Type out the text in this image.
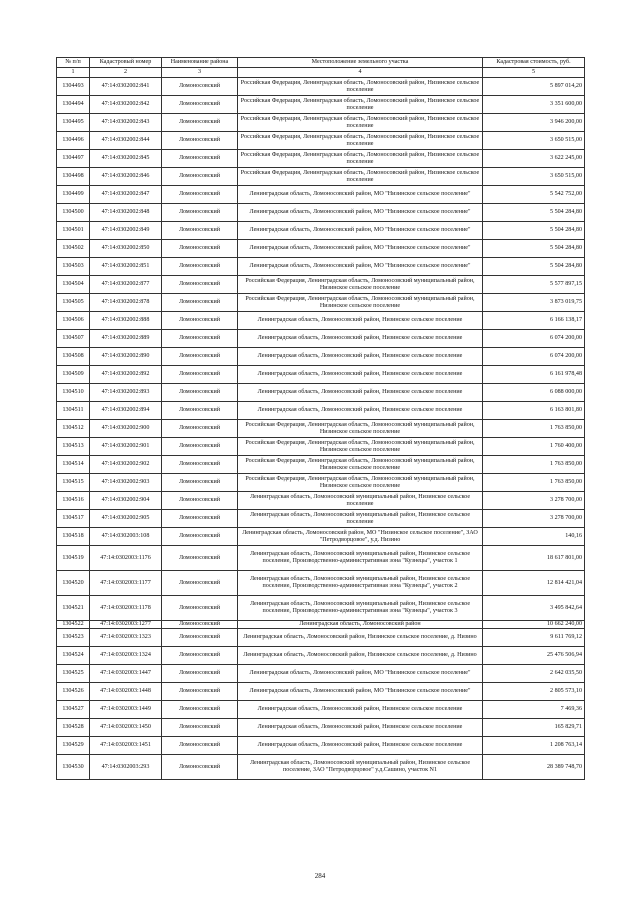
№ п/п	Кадастровый номер	Наименование района	Местоположение земельного участка	Кадастровая стоимость, руб.
1	2	3	4	5
1304493	47:14:0302002:841	Ломоносовский	Российская Федерация, Ленинградская область, Ломоносовский район, Низинское сельское поселение	5 897 014,20
1304494	47:14:0302002:842	Ломоносовский	Российская Федерация, Ленинградская область, Ломоносовский район, Низинское сельское поселение	3 351 600,00
1304495	47:14:0302002:843	Ломоносовский	Российская Федерация, Ленинградская область, Ломоносовский район, Низинское сельское поселение	3 946 200,00
1304496	47:14:0302002:844	Ломоносовский	Российская Федерация, Ленинградская область, Ломоносовский район, Низинское сельское поселение	3 650 515,00
1304497	47:14:0302002:845	Ломоносовский	Российская Федерация, Ленинградская область, Ломоносовский район, Низинское сельское поселение	3 622 245,00
1304498	47:14:0302002:846	Ломоносовский	Российская Федерация, Ленинградская область, Ломоносовский район, Низинское сельское поселение	3 650 515,00
1304499	47:14:0302002:847	Ломоносовский	Ленинградская область, Ломоносовский район, МО "Низинское сельское поселение"	5 542 752,00
1304500	47:14:0302002:848	Ломоносовский	Ленинградская область, Ломоносовский район, МО "Низинское сельское поселение"	5 504 284,80
1304501	47:14:0302002:849	Ломоносовский	Ленинградская область, Ломоносовский район, МО "Низинское сельское поселение"	5 504 284,80
1304502	47:14:0302002:850	Ломоносовский	Ленинградская область, Ломоносовский район, МО "Низинское сельское поселение"	5 504 284,80
1304503	47:14:0302002:851	Ломоносовский	Ленинградская область, Ломоносовский район, МО "Низинское сельское поселение"	5 504 284,80
1304504	47:14:0302002:877	Ломоносовский	Российская Федерация, Ленинградская область, Ломоносовский муниципальный район, Низинское сельское поселение	5 577 897,15
1304505	47:14:0302002:878	Ломоносовский	Российская Федерация, Ленинградская область, Ломоносовский муниципальный район, Низинское сельское поселение	3 873 019,75
1304506	47:14:0302002:888	Ломоносовский	Ленинградская область, Ломоносовский район, Низинское сельское поселение	6 166 138,17
1304507	47:14:0302002:889	Ломоносовский	Ленинградская область, Ломоносовский район, Низинское сельское поселение	6 074 200,00
1304508	47:14:0302002:890	Ломоносовский	Ленинградская область, Ломоносовский район, Низинское сельское поселение	6 074 200,00
1304509	47:14:0302002:892	Ломоносовский	Ленинградская область, Ломоносовский район, Низинское сельское поселение	6 161 978,48
1304510	47:14:0302002:893	Ломоносовский	Ленинградская область, Ломоносовский район, Низинское сельское поселение	6 088 000,00
1304511	47:14:0302002:894	Ломоносовский	Ленинградская область, Ломоносовский район, Низинское сельское поселение	6 163 801,80
1304512	47:14:0302002:900	Ломоносовский	Российская Федерация, Ленинградская область, Ломоносовский муниципальный район, Низинское сельское поселение	1 763 850,00
1304513	47:14:0302002:901	Ломоносовский	Российская Федерация, Ленинградская область, Ломоносовский муниципальный район, Низинское сельское поселение	1 760 400,00
1304514	47:14:0302002:902	Ломоносовский	Российская Федерация, Ленинградская область, Ломоносовский муниципальный район, Низинское сельское поселение	1 763 850,00
1304515	47:14:0302002:903	Ломоносовский	Российская Федерация, Ленинградская область, Ломоносовский муниципальный район, Низинское сельское поселение	1 763 850,00
1304516	47:14:0302002:904	Ломоносовский	Ленинградская область, Ломоносовский муниципальный район, Низинское сельское поселение	3 278 700,00
1304517	47:14:0302002:905	Ломоносовский	Ленинградская область, Ломоносовский муниципальный район, Низинское сельское поселение	3 278 700,00
1304518	47:14:0302003:108	Ломоносовский	Ленинградская область, Ломоносовский район, МО "Низинское сельское поселение", ЗАО "Петродворцовое", у.д. Низино	140,16
1304519	47:14:0302003:1176	Ломоносовский	Ленинградская область, Ломоносовский муниципальный район, Низинское сельское поселение, Производственно-административная зона "Кузнецы", участок 1	18 617 801,00
1304520	47:14:0302003:1177	Ломоносовский	Ленинградская область, Ломоносовский муниципальный район, Низинское сельское поселение, Производственно-административная зона "Кузнецы", участок 2	12 814 421,04
1304521	47:14:0302003:1178	Ломоносовский	Ленинградская область, Ломоносовский муниципальный район, Низинское сельское поселение, Производственно-административная зона "Кузнецы", участок 3	3 495 842,64
1304522	47:14:0302003:1277	Ломоносовский	Ленинградская область, Ломоносовский район	10 662 240,00
1304523	47:14:0302003:1323	Ломоносовский	Ленинградская область, Ломоносовский район, Низинское сельское поселение, д. Низино	9 611 769,12
1304524	47:14:0302003:1324	Ломоносовский	Ленинградская область, Ломоносовский район, Низинское сельское поселение, д. Низино	25 476 506,94
1304525	47:14:0302003:1447	Ломоносовский	Ленинградская область, Ломоносовский район, МО "Низинское сельское поселение"	2 642 035,50
1304526	47:14:0302003:1448	Ломоносовский	Ленинградская область, Ломоносовский район, МО "Низинское сельское поселение"	2 805 573,10
1304527	47:14:0302003:1449	Ломоносовский	Ленинградская область, Ломоносовский район, Низинское сельское поселение	7 469,36
1304528	47:14:0302003:1450	Ломоносовский	Ленинградская область, Ломоносовский район, Низинское сельское поселение	165 829,71
1304529	47:14:0302003:1451	Ломоносовский	Ленинградская область, Ломоносовский район, Низинское сельское поселение	1 208 763,14
1304530	47:14:0302003:293	Ломоносовский	Ленинградская область, Ломоносовский муниципальный район, Низинское сельское поселение, ЗАО "Петродворцовое" у.д.Сашино, участок N1	28 389 748,70
284
